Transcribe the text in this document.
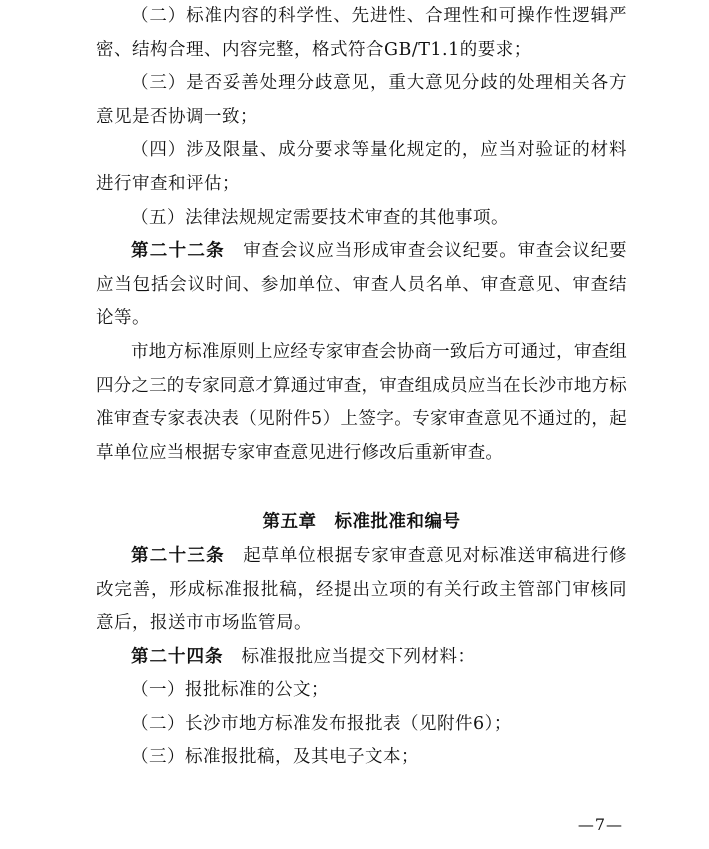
（二）标准内容的科学性、先进性、合理性和可操作性逻辑严密、结构合理、内容完整，格式符合GB/T1.1的要求；

（三）是否妥善处理分歧意见，重大意见分歧的处理相关各方意见是否协调一致；

（四）涉及限量、成分要求等量化规定的，应当对验证的材料进行审查和评估；

（五）法律法规规定需要技术审查的其他事项。

第二十二条　 审查会议应当形成审查会议纪要。审查会议纪要应当包括会议时间、参加单位、审查人员名单、审查意见、审查结论等。

市地方标准原则上应经专家审查会协商一致后方可通过，审查组四分之三的专家同意才算通过审查，审查组成员应当在长沙市地方标准审查专家表决表（见附件5）上签字。专家审查意见不通过的，起草单位应当根据专家审查意见进行修改后重新审查。

第五章　标准批准和编号

第二十三条　 起草单位根据专家审查意见对标准送审稿进行修改完善，形成标准报批稿，经提出立项的有关行政主管部门审核同意后，报送市市场监管局。

第二十四条　 标准报批应当提交下列材料：

（一）报批标准的公文；

（二）长沙市地方标准发布报批表（见附件6）；

（三）标准报批稿，及其电子文本；

—7—
